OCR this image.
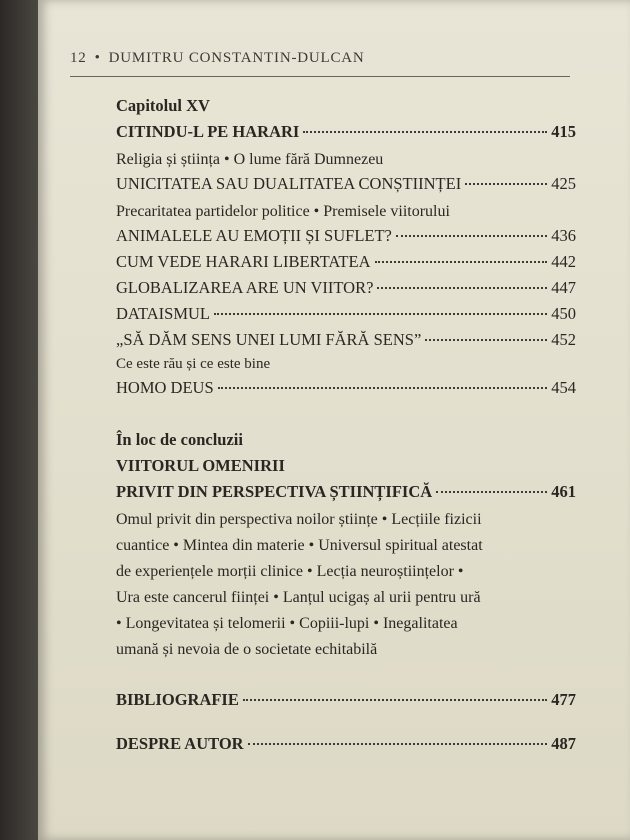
12 • DUMITRU CONSTANTIN-DULCAN
Capitolul XV
CITINDU-L PE HARARI	415
Religia și știința • O lume fără Dumnezeu
UNICITATEA SAU DUALITATEA CONȘTIINȚEI	425
Precaritatea partidelor politice • Premisele viitorului
ANIMALELE AU EMOȚII ȘI SUFLET?	436
CUM VEDE HARARI LIBERTATEA	442
GLOBALIZAREA ARE UN VIITOR?	447
DATAISMUL	450
„SĂ DĂM SENS UNEI LUMI FĂRĂ SENS”	452
Ce este rău și ce este bine
HOMO DEUS	454
În loc de concluzii
VIITORUL OMENIRII
PRIVIT DIN PERSPECTIVA ȘTIINȚIFICĂ	461
Omul privit din perspectiva noilor științe • Lecțiile fizicii
cuantice • Mintea din materie • Universul spiritual atestat
de experiențele morții clinice • Lecția neuroștiințelor •
Ura este cancerul ființei • Lanțul ucigaș al urii pentru ură
• Longevitatea și telomerii • Copiii-lupi • Inegalitatea
umană și nevoia de o societate echitabilă
BIBLIOGRAFIE	477
DESPRE AUTOR	487
